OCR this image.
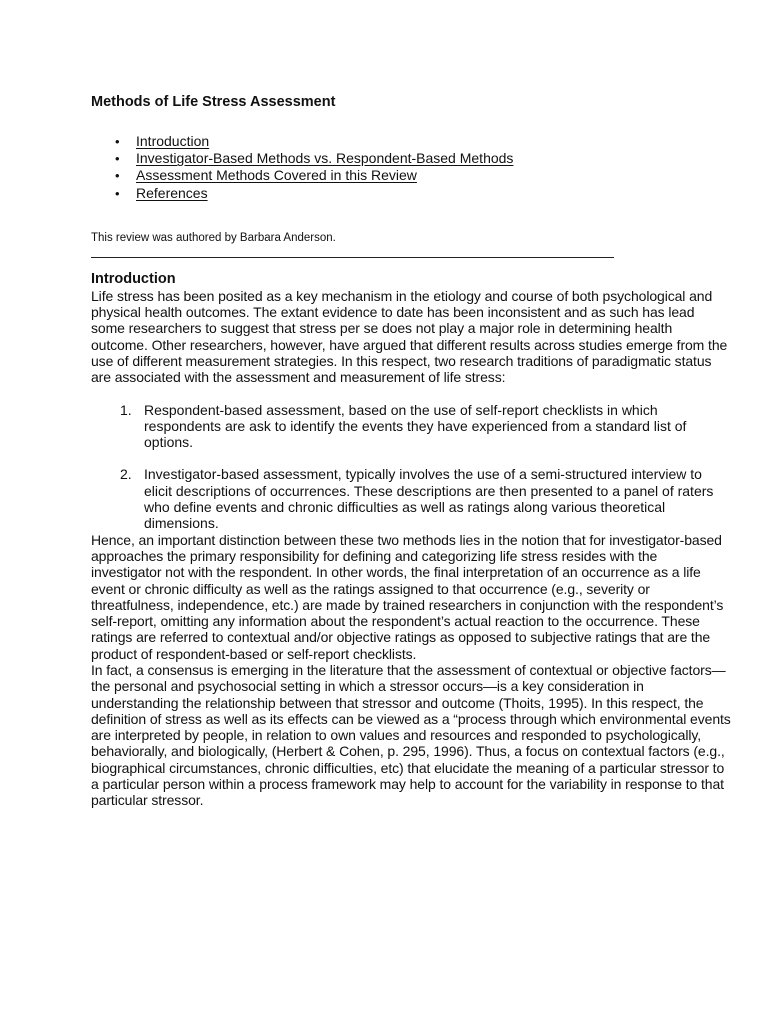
Methods of Life Stress Assessment
• Introduction
• Investigator-Based Methods vs. Respondent-Based Methods
• Assessment Methods Covered in this Review
• References

This review was authored by Barbara Anderson.

Introduction

Life stress has been posited as a key mechanism in the etiology and course of both psychological and physical health outcomes. The extant evidence to date has been inconsistent and as such has lead some researchers to suggest that stress per se does not play a major role in determining health outcome. Other researchers, however, have argued that different results across studies emerge from the use of different measurement strategies. In this respect, two research traditions of paradigmatic status are associated with the assessment and measurement of life stress:

1. Respondent-based assessment, based on the use of self-report checklists in which respondents are ask to identify the events they have experienced from a standard list of options.
2. Investigator-based assessment, typically involves the use of a semi-structured interview to elicit descriptions of occurrences. These descriptions are then presented to a panel of raters who define events and chronic difficulties as well as ratings along various theoretical dimensions.

Hence, an important distinction between these two methods lies in the notion that for investigator-based approaches the primary responsibility for defining and categorizing life stress resides with the investigator not with the respondent. In other words, the final interpretation of an occurrence as a life event or chronic difficulty as well as the ratings assigned to that occurrence (e.g., severity or threatfulness, independence, etc.) are made by trained researchers in conjunction with the respondent’s self-report, omitting any information about the respondent’s actual reaction to the occurrence. These ratings are referred to contextual and/or objective ratings as opposed to subjective ratings that are the product of respondent-based or self-report checklists.

In fact, a consensus is emerging in the literature that the assessment of contextual or objective factors—the personal and psychosocial setting in which a stressor occurs—is a key consideration in understanding the relationship between that stressor and outcome (Thoits, 1995). In this respect, the definition of stress as well as its effects can be viewed as a “process through which environmental events are interpreted by people, in relation to own values and resources and responded to psychologically, behaviorally, and biologically, (Herbert & Cohen, p. 295, 1996). Thus, a focus on contextual factors (e.g., biographical circumstances, chronic difficulties, etc) that elucidate the meaning of a particular stressor to a particular person within a process framework may help to account for the variability in response to that particular stressor.
